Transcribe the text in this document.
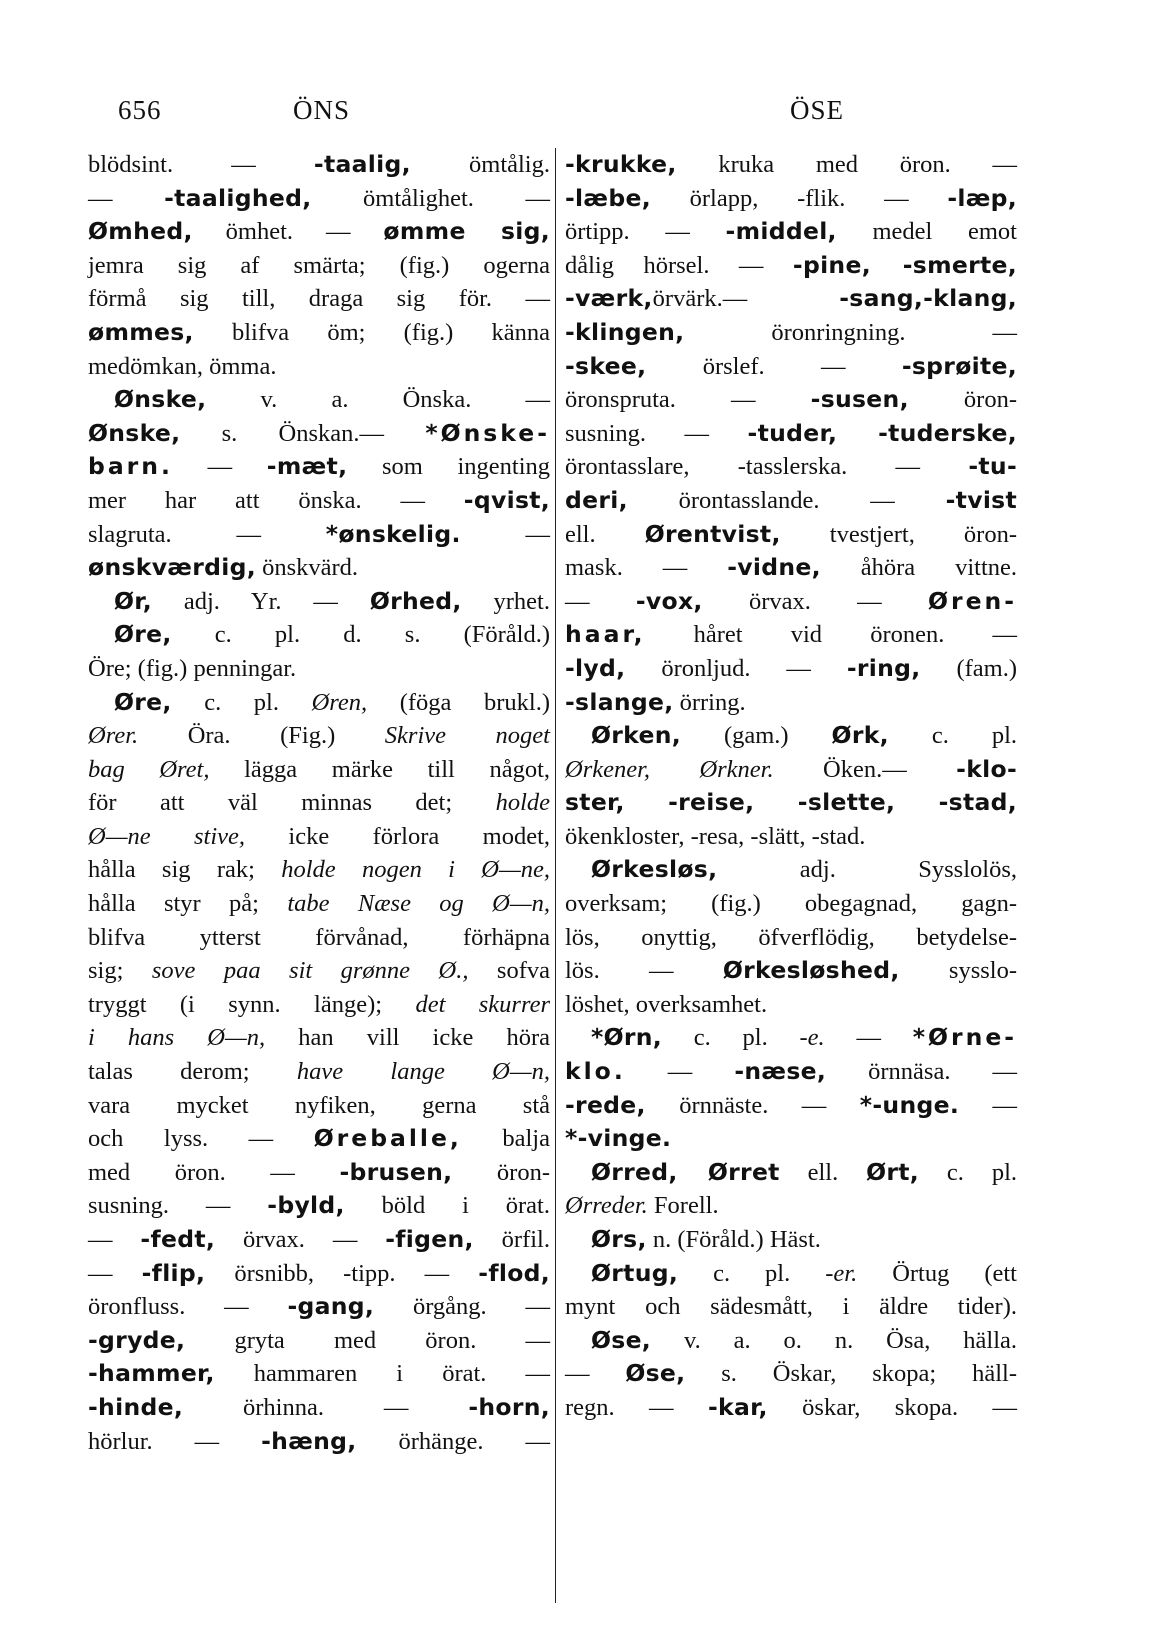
656	ÖNS	ÖSE
blödsint. — -taalig, ömtålig.
— -taalighed, ömtålighet. —
Ømhed, ömhet. — ømme sig,
jemra sig af smärta; (fig.) ogerna
förmå sig till, draga sig för. —
ømmes, blifva öm; (fig.) känna
medömkan, ömma.
Ønske, v. a. Önska. —
Ønske, s. Önskan.— *Ønske-
barn. — -mæt, som ingenting
mer har att önska. — -qvist,
slagruta. — *ønskelig. —
ønskværdig, önskvärd.
Ør, adj. Yr. — Ørhed, yrhet.
Øre, c. pl. d. s. (Föråld.)
Öre; (fig.) penningar.
Øre, c. pl. Øren, (föga brukl.)
Ører. Öra. (Fig.) Skrive noget
bag Øret, lägga märke till något,
för att väl minnas det; holde
Ø—ne stive, icke förlora modet,
hålla sig rak; holde nogen i Ø—ne,
hålla styr på; tabe Næse og Ø—n,
blifva ytterst förvånad, förhäpna
sig; sove paa sit grønne Ø., sofva
tryggt (i synn. länge); det skurrer
i hans Ø—n, han vill icke höra
talas derom; have lange Ø—n,
vara mycket nyfiken, gerna stå
och lyss. — Øreballe, balja
med öron. — -brusen, öron-
susning. — -byld, böld i örat.
— -fedt, örvax. — -figen, örfil.
— -flip, örsnibb, -tipp. — -flod,
öronfluss. — -gang, örgång. —
-gryde, gryta med öron. —
-hammer, hammaren i örat. —
-hinde, örhinna. — -horn,
hörlur. — -hæng, örhänge. —
-krukke, kruka med öron. —
-læbe, örlapp, -flik. — -læp,
örtipp. — -middel, medel emot
dålig hörsel. — -pine, -smerte,
-værk,örvärk.— -sang,-klang,
-klingen, öronringning. —
-skee, örslef. — -sprøite,
öronspruta. — -susen, öron-
susning. — -tuder, -tuderske,
örontasslare, -tasslerska. — -tu-
deri, örontasslande. — -tvist
ell. Ørentvist, tvestjert, öron-
mask. — -vidne, åhöra vittne.
— -vox, örvax. — Øren-
haar, håret vid öronen. —
-lyd, öronljud. — -ring, (fam.)
-slange, örring.
Ørken, (gam.) Ørk, c. pl.
Ørkener, Ørkner. Öken.— -klo-
ster, -reise, -slette, -stad,
ökenkloster, -resa, -slätt, -stad.
Ørkesløs, adj. Sysslolös,
overksam; (fig.) obegagnad, gagn-
lös, onyttig, öfverflödig, betydelse-
lös. — Ørkesløshed, sysslo-
löshet, overksamhet.
*Ørn, c. pl. -e. — *Ørne-
klo. — -næse, örnnäsa. —
-rede, örnnäste. — *-unge. —
*-vinge.
Ørred, Ørret ell. Ørt, c. pl.
Ørreder. Forell.
Ørs, n. (Föråld.) Häst.
Ørtug, c. pl. -er. Örtug (ett
mynt och sädesmått, i äldre tider).
Øse, v. a. o. n. Ösa, hälla.
— Øse, s. Öskar, skopa; häll-
regn. — -kar, öskar, skopa. —
